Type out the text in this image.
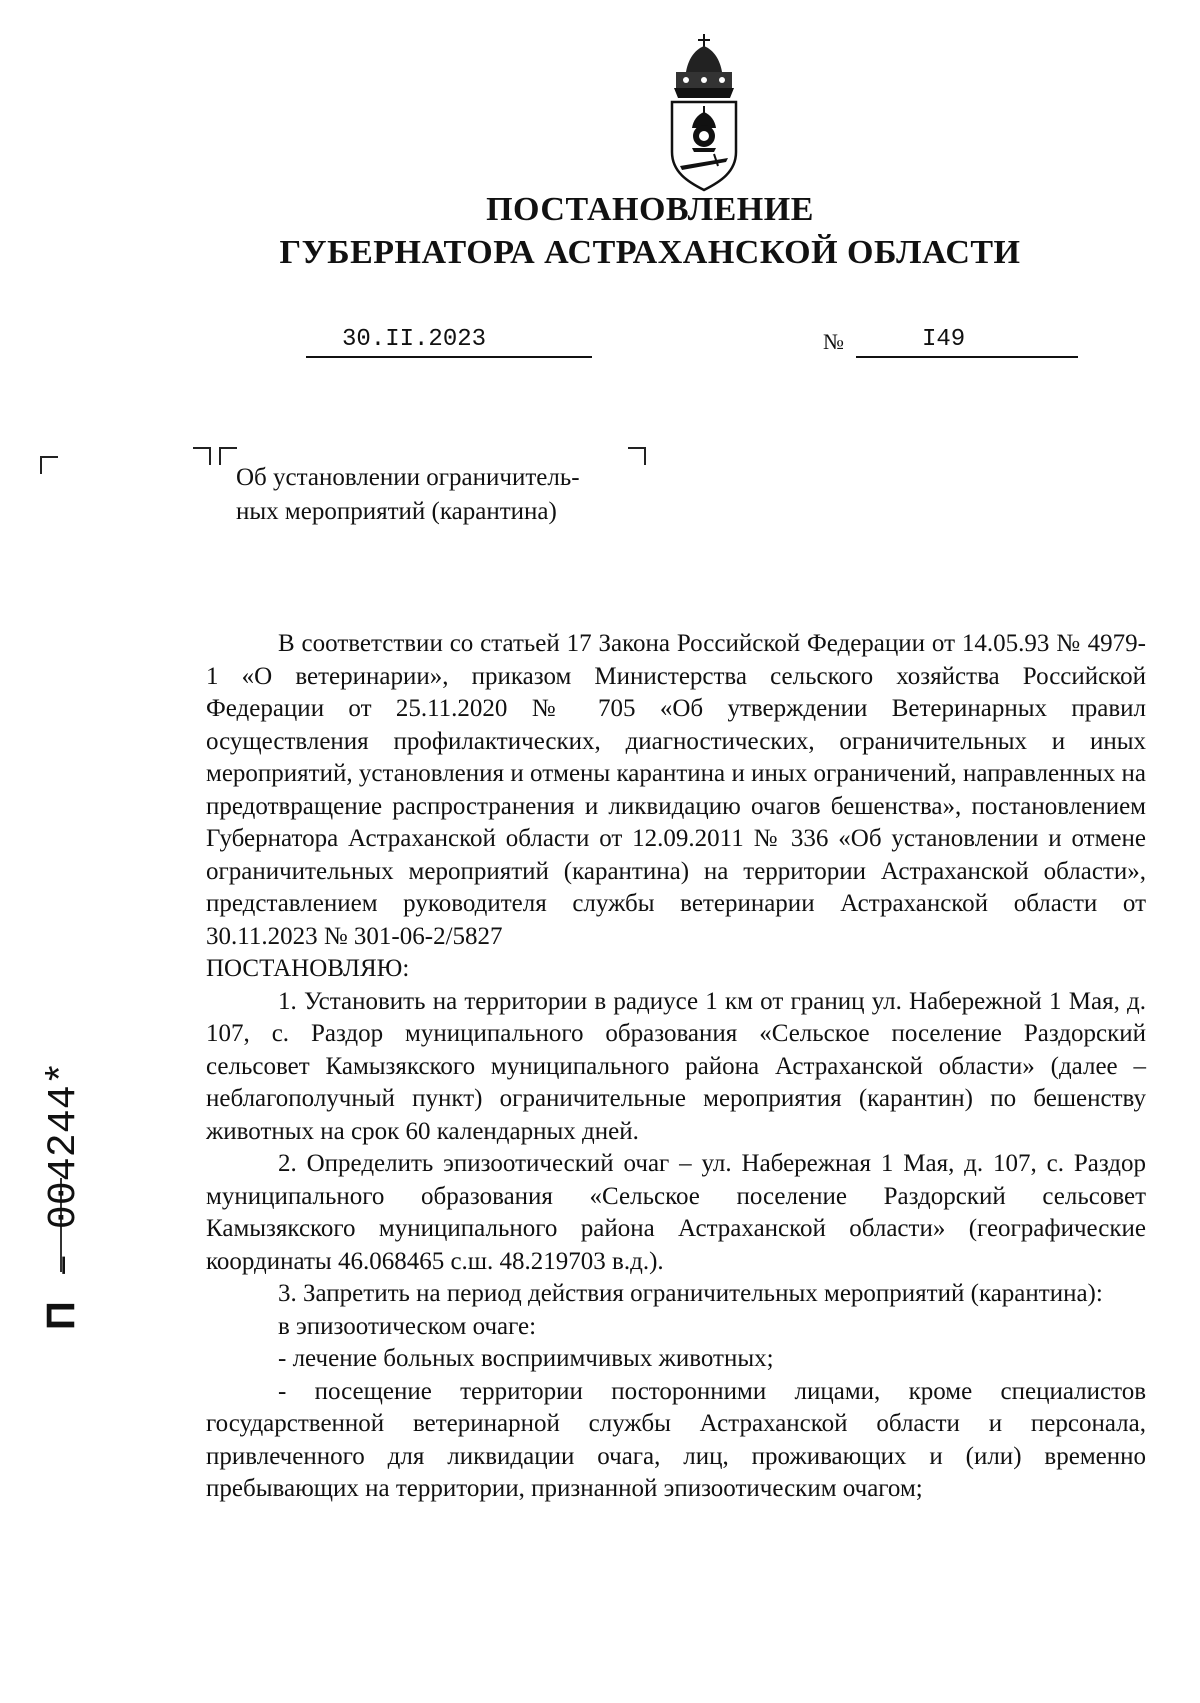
ПОСТАНОВЛЕНИЕ
ГУБЕРНАТОРА АСТРАХАНСКОЙ ОБЛАСТИ
30.II.2023	№	I49
Об установлении ограничитель-
ных мероприятий (карантина)

В соответствии со статьей 17 Закона Российской Федерации от 14.05.93 № 4979-1 «О ветеринарии», приказом Министерства сельского хозяйства Российской Федерации от 25.11.2020 № 705 «Об утверждении Ветеринарных правил осуществления профилактических, диагностических, ограничительных и иных мероприятий, установления и отмены карантина и иных ограничений, направленных на предотвращение распространения и ликвидацию очагов бешенства», постановлением Губернатора Астраханской области от 12.09.2011 № 336 «Об установлении и отмене ограничительных мероприятий (карантина) на территории Астраханской области», представлением руководителя службы ветеринарии Астраханской области от 30.11.2023 № 301-06-2/5827

ПОСТАНОВЛЯЮ:

1. Установить на территории в радиусе 1 км от границ ул. Набережной 1 Мая, д. 107, с. Раздор муниципального образования «Сельское поселение Раздорский сельсовет Камызякского муниципального района Астраханской области» (далее – неблагополучный пункт) ограничительные мероприятия (карантин) по бешенству животных на срок 60 календарных дней.

2. Определить эпизоотический очаг – ул. Набережная 1 Мая, д. 107, с. Раздор муниципального образования «Сельское поселение Раздорский сельсовет Камызякского муниципального района Астраханской области» (географические координаты 46.068465 с.ш. 48.219703 в.д.).

3. Запретить на период действия ограничительных мероприятий (карантина):

в эпизоотическом очаге:

- лечение больных восприимчивых животных;

- посещение территории посторонними лицами, кроме специалистов государственной ветеринарной службы Астраханской области и персонала, привлеченного для ликвидации очага, лиц, проживающих и (или) временно пребывающих на территории, признанной эпизоотическим очагом;

П – 004244*
